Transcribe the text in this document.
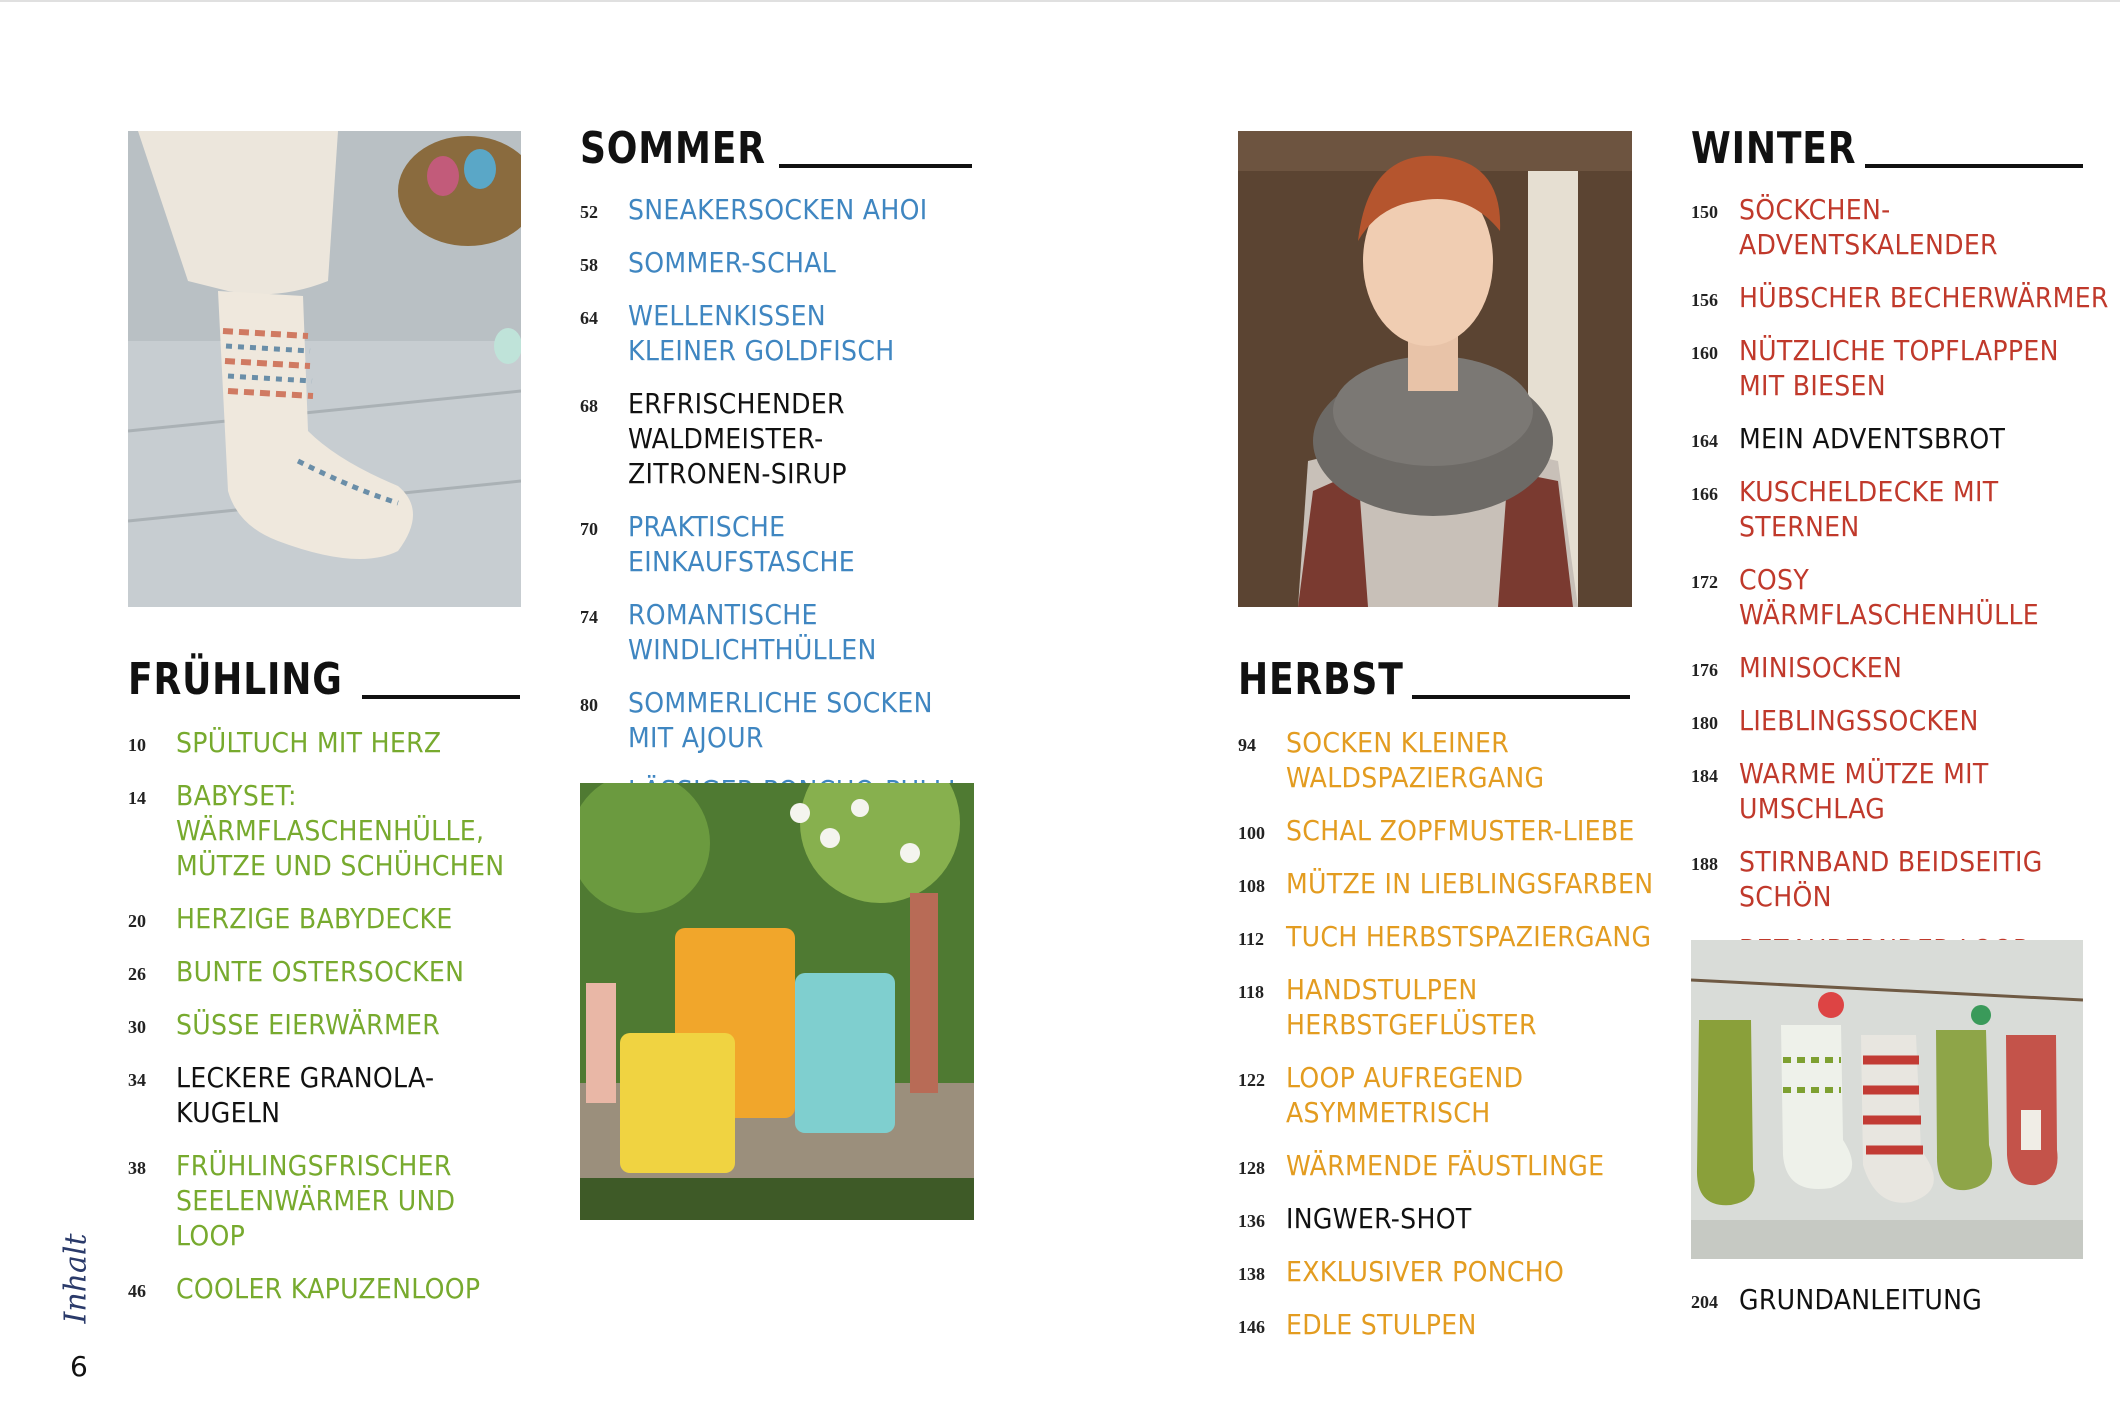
FRÜHLING
10	SPÜLTUCH MIT HERZ
14	BABYSET:
WÄRMFLASCHENHÜLLE,
MÜTZE UND SCHÜHCHEN
20	HERZIGE BABYDECKE
26	BUNTE OSTERSOCKEN
30	SÜSSE EIERWÄRMER
34	LECKERE GRANOLA-KUGELN
38	FRÜHLINGSFRISCHER
SEELENWÄRMER UND LOOP
46	COOLER KAPUZENLOOP
SOMMER
52	SNEAKERSOCKEN AHOI
58	SOMMER-SCHAL
64	WELLENKISSEN
KLEINER GOLDFISCH
68	ERFRISCHENDER
WALDMEISTER-
ZITRONEN-SIRUP
70	PRAKTISCHE EINKAUFSTASCHE
74	ROMANTISCHE
WINDLICHTHÜLLEN
80	SOMMERLICHE SOCKEN
MIT AJOUR
HERBST
94	SOCKEN KLEINER
WALDSPAZIERGANG
100 SCHAL ZOPFMUSTER-LIEBE
108 MÜTZE IN LIEBLINGSFARBEN
112 TUCH HERBSTSPAZIERGANG
118 HANDSTULPEN
HERBSTGEFLÜSTER
122 LOOP AUFREGEND
ASYMMETRISCH
128 WÄRMENDE FÄUSTLINGE
136 INGWER-SHOT
138 EXKLUSIVER PONCHO
146 EDLE STULPEN
WINTER
150 SÖCKCHEN-ADVENTSKALENDER
156 HÜBSCHER BECHERWÄRMER
160 NÜTZLICHE TOPFLAPPEN
MIT BIESEN
164 MEIN ADVENTSBROT
166 KUSCHELDECKE MIT STERNEN
172 COSY WÄRMFLASCHENHÜLLE
176 MINISOCKEN
180 LIEBLINGSSOCKEN
184 WARME MÜTZE MIT
UMSCHLAG
188 STIRNBAND BEIDSEITIG
SCHÖN
204 GRUNDANLEITUNG
Inhalt
6
